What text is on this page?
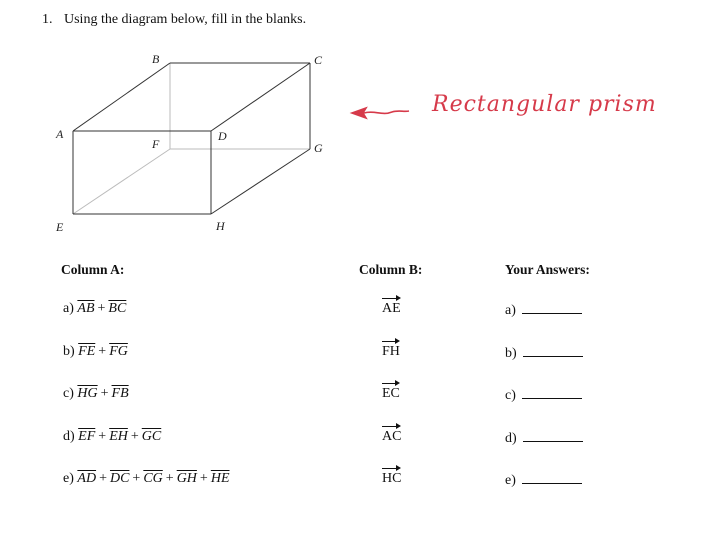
1. Using the diagram below, fill in the blanks.
A
B	C
D
E
F	G
H
Rectangular prism
Column A:	Column B:	Your Answers:
a) $\overline{AB} + \overline{BC}$	AE	a)
b) $\overline{FE} + \overline{FG}$	FH	b)
c) $\overline{HG} + \overline{FB}$	EC	c)
d) $\overline{EF} + \overline{EH} + \overline{GC}$	AC	d)
e) $\overline{AD} + \overline{DC} + \overline{CG} + \overline{GH} + \overline{HE}$	HC	e)
